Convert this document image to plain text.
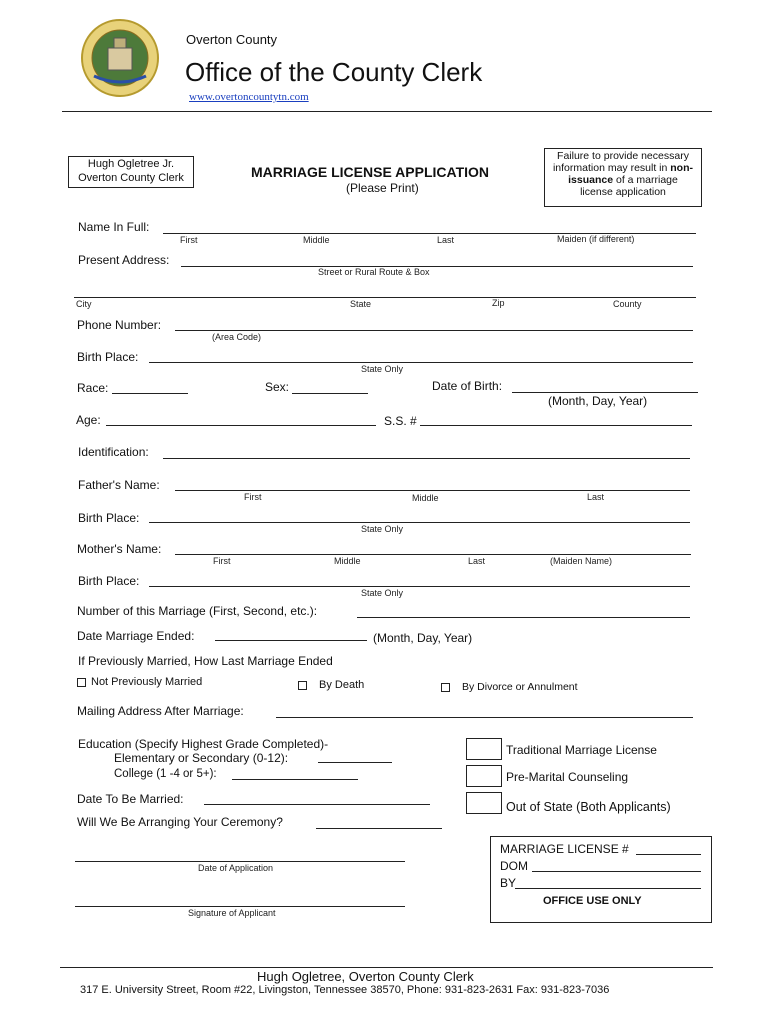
Overton County
Office of the County Clerk
www.overtoncountytn.com
Hugh Ogletree Jr.
Overton County Clerk	MARRIAGE LICENSE APPLICATION
(Please Print)
Failure to provide necessary
information may result in non-
issuance of a marriage
license application
Name In Full:
First	Middle	Last	Maiden (if different)
Present Address:
Street or Rural Route & Box
City	State	Zip	County
Phone Number:
(Area Code)
Birth Place:
State Only
Race:	Sex:	Date of Birth:
(Month, Day, Year)
Age:	S.S. #
Identification:
Father's Name:
First	Middle	Last
Birth Place:
State Only
Mother's Name:
First	Middle	Last	(Maiden Name)
Birth Place:
State Only
Number of this Marriage (First, Second, etc.):
Date Marriage Ended:	(Month, Day, Year)
If Previously Married, How Last Marriage Ended
Not Previously Married	By Death	By Divorce or Annulment
Mailing Address After Marriage:
Education (Specify Highest Grade Completed)-
Elementary or Secondary (0-12):
College (1 -4 or 5+):
Traditional Marriage License
Pre-Marital Counseling
Out of State (Both Applicants)
Date To Be Married:
Will We Be Arranging Your Ceremony?
Date of Application
Signature of Applicant
MARRIAGE LICENSE #
DOM
BY
OFFICE USE ONLY
Hugh Ogletree, Overton County Clerk
317 E. University Street, Room #22, Livingston, Tennessee 38570, Phone: 931-823-2631 Fax: 931-823-7036
